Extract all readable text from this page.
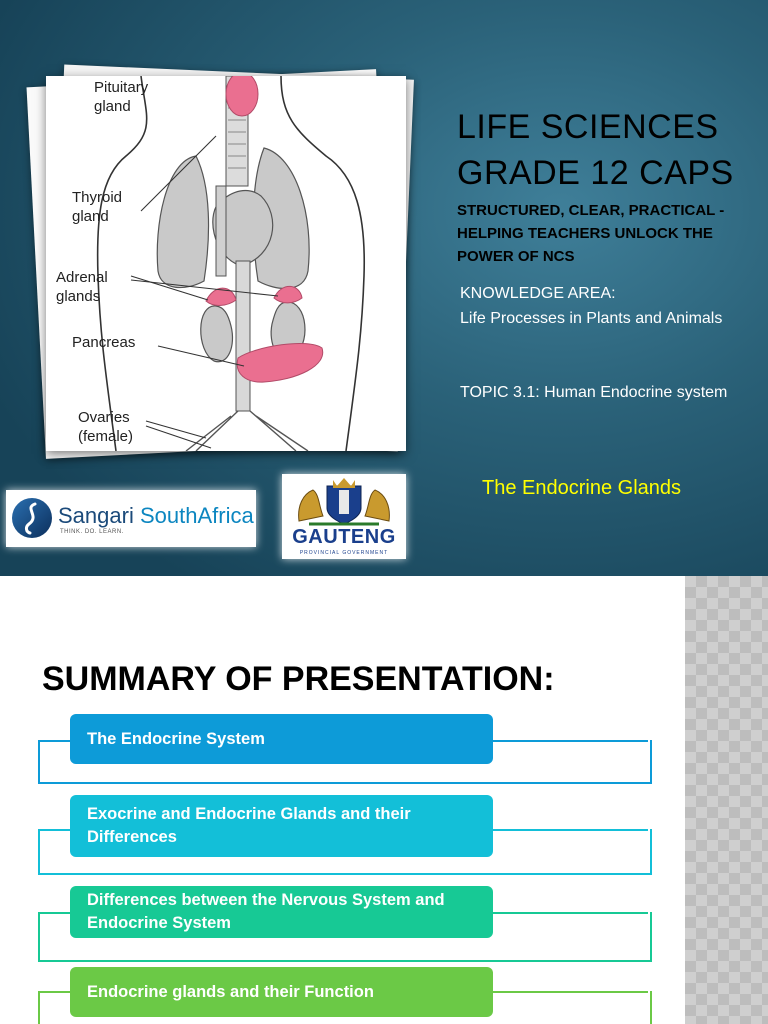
Pituitary
gland
Thyroid
gland
Adrenal
glands
Pancreas
Ovaries
(female)
LIFE SCIENCES
GRADE 12 CAPS
STRUCTURED, CLEAR, PRACTICAL - HELPING TEACHERS UNLOCK THE POWER OF NCS
KNOWLEDGE AREA:
Life Processes in Plants and Animals
TOPIC 3.1: Human Endocrine system
The Endocrine Glands
Sangari SouthAfrica
THINK. DO. LEARN.	GAUTENG
PROVINCIAL GOVERNMENT
SUMMARY OF PRESENTATION:
The Endocrine System
Exocrine and Endocrine Glands and their Differences
Differences between the Nervous System and Endocrine System
Endocrine glands and their Function
